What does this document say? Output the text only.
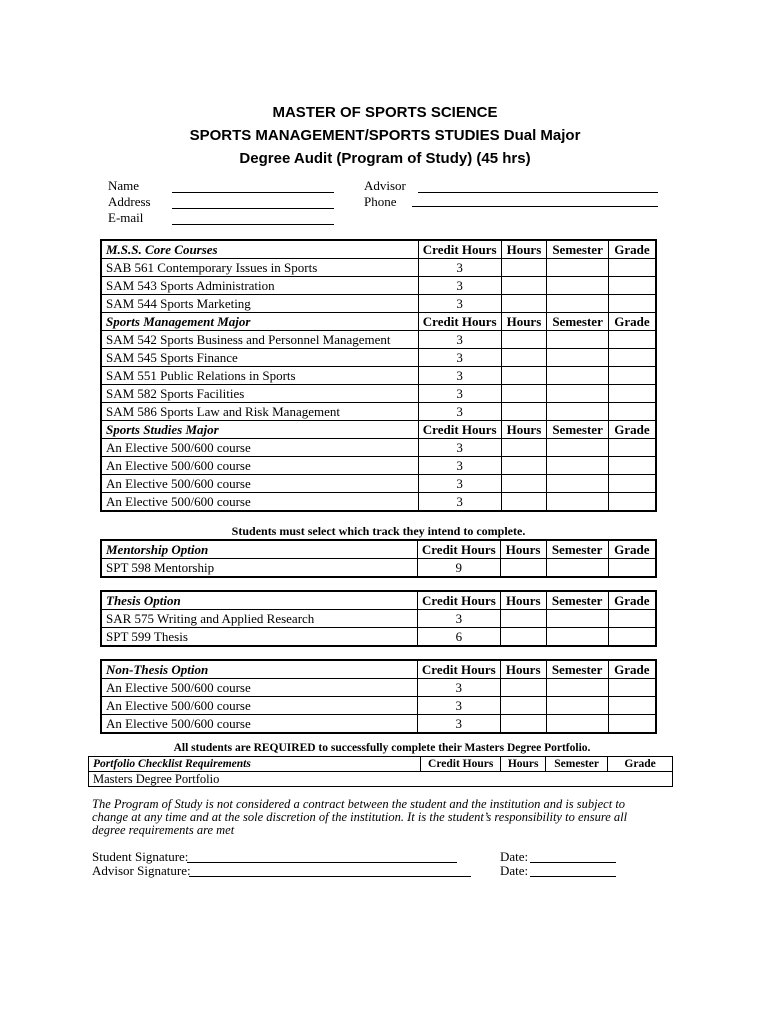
MASTER OF SPORTS SCIENCE
SPORTS MANAGEMENT/SPORTS STUDIES Dual Major
Degree Audit (Program of Study) (45 hrs)
Name
Address
E-mail
Advisor
Phone
M.S.S. Core Courses	Credit Hours	Hours	Semester	Grade
SAB 561 Contemporary Issues in Sports	3			
SAM 543 Sports Administration	3			
SAM 544 Sports Marketing	3			
Sports Management Major	Credit Hours	Hours	Semester	Grade
SAM 542 Sports Business and Personnel Management	3			
SAM 545 Sports Finance	3			
SAM 551 Public Relations in Sports	3			
SAM 582 Sports Facilities	3			
SAM 586 Sports Law and Risk Management	3			
Sports Studies Major	Credit Hours	Hours	Semester	Grade
An Elective 500/600 course	3			
An Elective 500/600 course	3			
An Elective 500/600 course	3			
An Elective 500/600 course	3			
Students must select which track they intend to complete.
Mentorship Option	Credit Hours	Hours	Semester	Grade
SPT 598 Mentorship	9			
Thesis Option	Credit Hours	Hours	Semester	Grade
SAR 575 Writing and Applied Research	3			
SPT 599 Thesis	6			
Non-Thesis Option	Credit Hours	Hours	Semester	Grade
An Elective 500/600 course	3			
An Elective 500/600 course	3			
An Elective 500/600 course	3			
All students are REQUIRED to successfully complete their Masters Degree Portfolio.
Portfolio Checklist Requirements	Credit Hours	Hours	Semester	Grade
Masters Degree Portfolio
The Program of Study is not considered a contract between the student and the institution and is subject to change at any time and at the sole discretion of the institution. It is the student’s responsibility to ensure all degree requirements are met
Student Signature:	Date:
Advisor Signature:	Date:
